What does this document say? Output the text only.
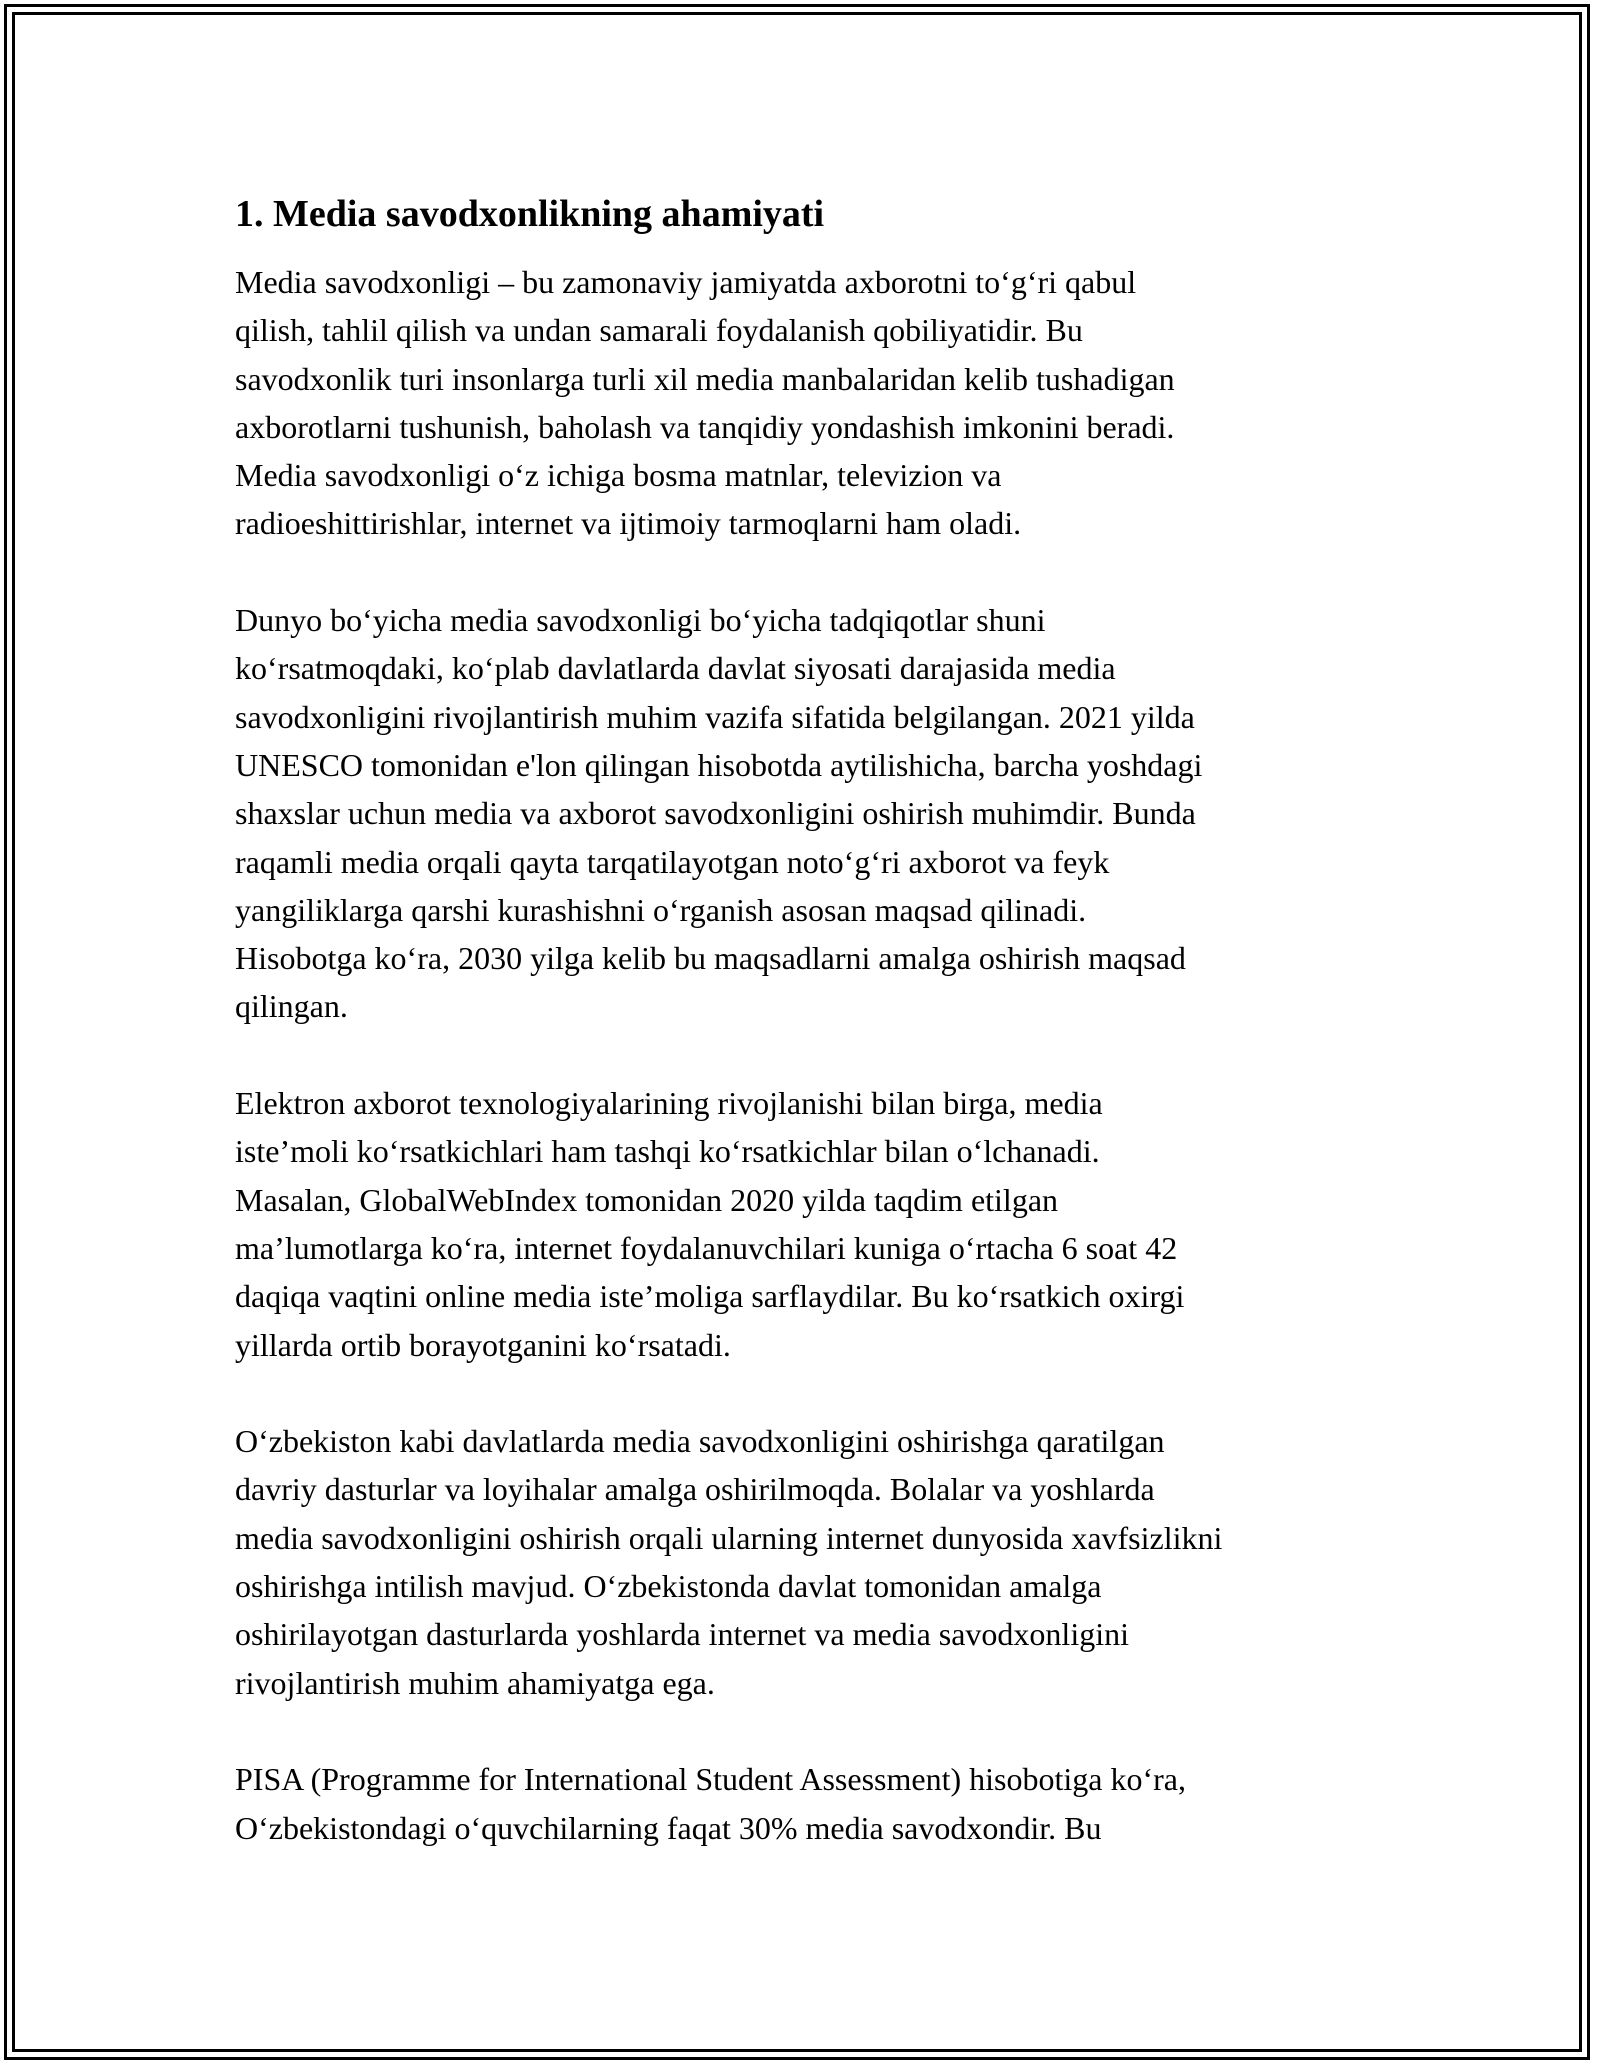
1. Media savodxonlikning ahamiyati

Media savodxonligi – bu zamonaviy jamiyatda axborotni to‘g‘ri qabul
qilish, tahlil qilish va undan samarali foydalanish qobiliyatidir. Bu
savodxonlik turi insonlarga turli xil media manbalaridan kelib tushadigan
axborotlarni tushunish, baholash va tanqidiy yondashish imkonini beradi.
Media savodxonligi o‘z ichiga bosma matnlar, televizion va
radioeshittirishlar, internet va ijtimoiy tarmoqlarni ham oladi.

Dunyo bo‘yicha media savodxonligi bo‘yicha tadqiqotlar shuni
ko‘rsatmoqdaki, ko‘plab davlatlarda davlat siyosati darajasida media
savodxonligini rivojlantirish muhim vazifa sifatida belgilangan. 2021 yilda
UNESCO tomonidan e'lon qilingan hisobotda aytilishicha, barcha yoshdagi
shaxslar uchun media va axborot savodxonligini oshirish muhimdir. Bunda
raqamli media orqali qayta tarqatilayotgan noto‘g‘ri axborot va feyk
yangiliklarga qarshi kurashishni o‘rganish asosan maqsad qilinadi.
Hisobotga ko‘ra, 2030 yilga kelib bu maqsadlarni amalga oshirish maqsad
qilingan.

Elektron axborot texnologiyalarining rivojlanishi bilan birga, media
iste’moli ko‘rsatkichlari ham tashqi ko‘rsatkichlar bilan o‘lchanadi.
Masalan, GlobalWebIndex tomonidan 2020 yilda taqdim etilgan
ma’lumotlarga ko‘ra, internet foydalanuvchilari kuniga o‘rtacha 6 soat 42
daqiqa vaqtini online media iste’moliga sarflaydilar. Bu ko‘rsatkich oxirgi
yillarda ortib borayotganini ko‘rsatadi.

O‘zbekiston kabi davlatlarda media savodxonligini oshirishga qaratilgan
davriy dasturlar va loyihalar amalga oshirilmoqda. Bolalar va yoshlarda
media savodxonligini oshirish orqali ularning internet dunyosida xavfsizlikni
oshirishga intilish mavjud. O‘zbekistonda davlat tomonidan amalga
oshirilayotgan dasturlarda yoshlarda internet va media savodxonligini
rivojlantirish muhim ahamiyatga ega.

PISA (Programme for International Student Assessment) hisobotiga ko‘ra,
O‘zbekistondagi o‘quvchilarning faqat 30% media savodxondir. Bu
